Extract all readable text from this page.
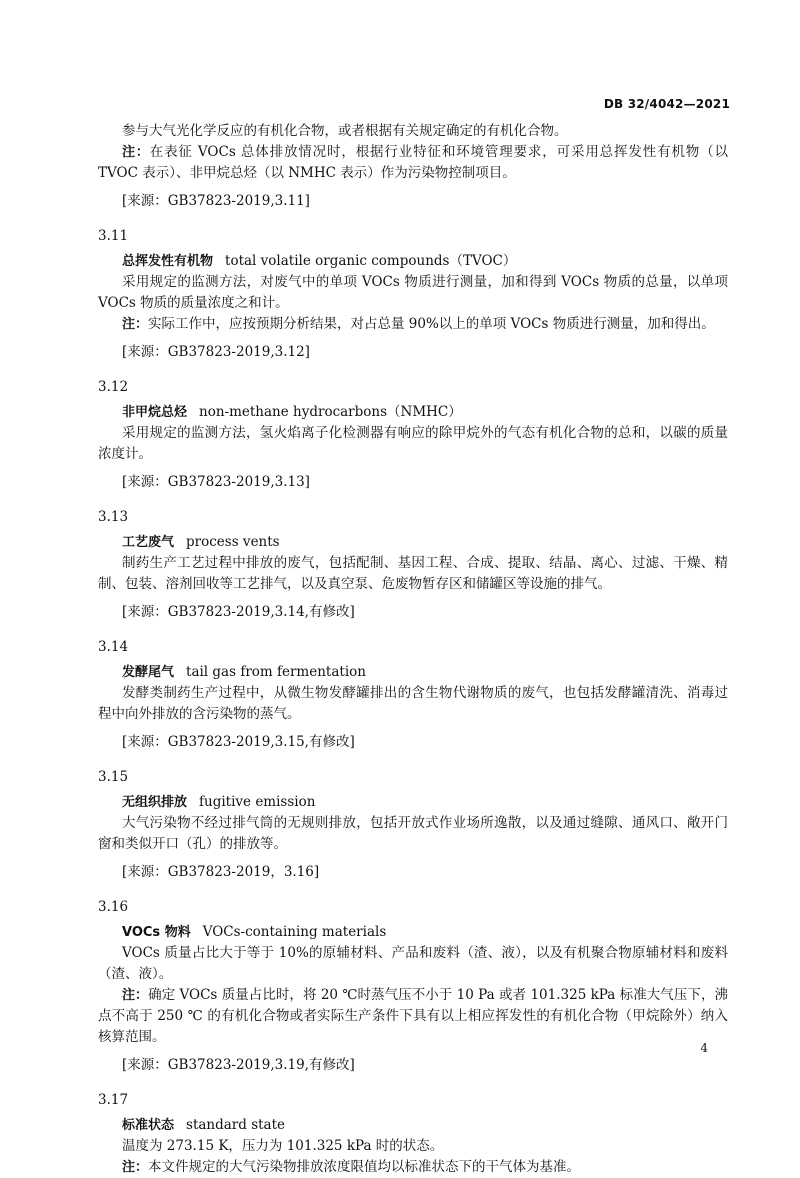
DB 32/4042—2021

参与大气光化学反应的有机化合物，或者根据有关规定确定的有机化合物。

注：在表征 VOCs 总体排放情况时，根据行业特征和环境管理要求，可采用总挥发性有机物（以 TVOC 表示）、非甲烷总烃（以 NMHC 表示）作为污染物控制项目。

[来源：GB37823-2019,3.11]

3.11

总挥发性有机物 total volatile organic compounds（TVOC）

采用规定的监测方法，对废气中的单项 VOCs 物质进行测量，加和得到 VOCs 物质的总量，以单项 VOCs 物质的质量浓度之和计。

注：实际工作中，应按预期分析结果，对占总量 90%以上的单项 VOCs 物质进行测量，加和得出。

[来源：GB37823-2019,3.12]

3.12

非甲烷总烃 non-methane hydrocarbons（NMHC）

采用规定的监测方法，氢火焰离子化检测器有响应的除甲烷外的气态有机化合物的总和，以碳的质量浓度计。

[来源：GB37823-2019,3.13]

3.13

工艺废气 process vents

制药生产工艺过程中排放的废气，包括配制、基因工程、合成、提取、结晶、离心、过滤、干燥、精制、包装、溶剂回收等工艺排气，以及真空泵、危废物暂存区和储罐区等设施的排气。

[来源：GB37823-2019,3.14,有修改]

3.14

发酵尾气 tail gas from fermentation

发酵类制药生产过程中，从微生物发酵罐排出的含生物代谢物质的废气，也包括发酵罐清洗、消毒过程中向外排放的含污染物的蒸气。

[来源：GB37823-2019,3.15,有修改]

3.15

无组织排放 fugitive emission

大气污染物不经过排气筒的无规则排放，包括开放式作业场所逸散，以及通过缝隙、通风口、敞开门窗和类似开口（孔）的排放等。

[来源：GB37823-2019，3.16]

3.16

VOCs 物料 VOCs-containing materials

VOCs 质量占比大于等于 10%的原辅材料、产品和废料（渣、液），以及有机聚合物原辅材料和废料（渣、液）。

注：确定 VOCs 质量占比时，将 20 ℃时蒸气压不小于 10 Pa 或者 101.325 kPa 标准大气压下，沸点不高于 250 ℃ 的有机化合物或者实际生产条件下具有以上相应挥发性的有机化合物（甲烷除外）纳入核算范围。

[来源：GB37823-2019,3.19,有修改]

3.17

标准状态 standard state

温度为 273.15 K，压力为 101.325 kPa 时的状态。

注：本文件规定的大气污染物排放浓度限值均以标准状态下的干气体为基准。

4
